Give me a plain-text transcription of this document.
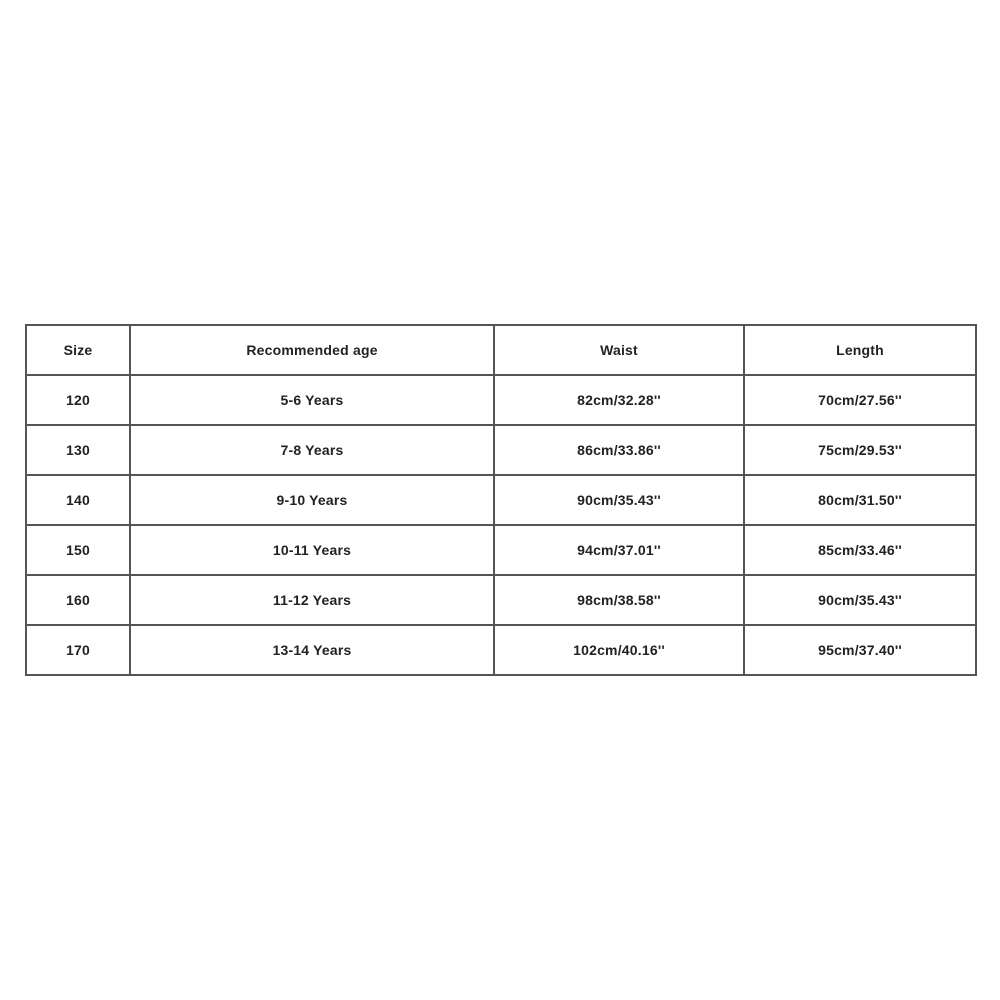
Size	Recommended age	Waist	Length
120	5-6 Years	82cm/32.28''	70cm/27.56''
130	7-8 Years	86cm/33.86''	75cm/29.53''
140	9-10 Years	90cm/35.43''	80cm/31.50''
150	10-11 Years	94cm/37.01''	85cm/33.46''
160	11-12 Years	98cm/38.58''	90cm/35.43''
170	13-14 Years	102cm/40.16''	95cm/37.40''
